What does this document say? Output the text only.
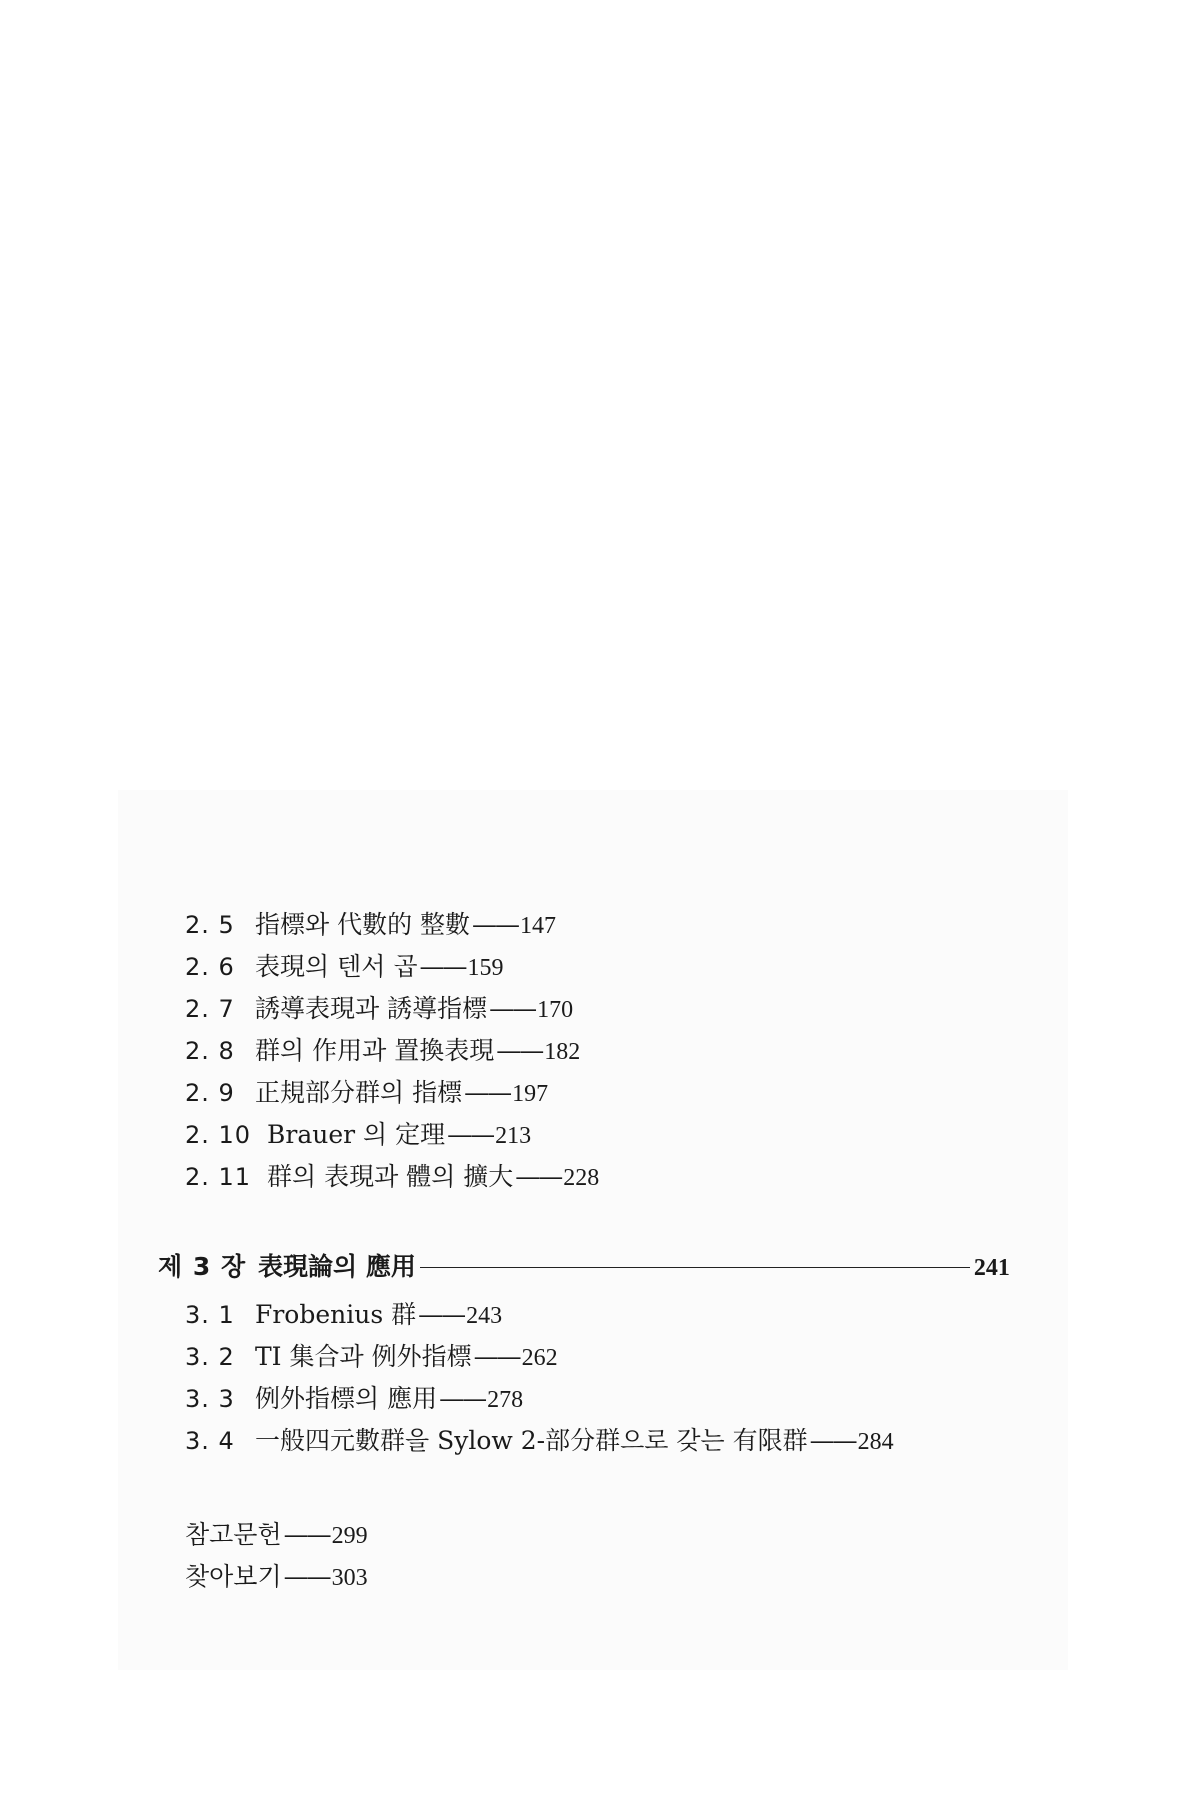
2. 5 指標와 代數的 整數 —— 147
2. 6 表現의 텐서 곱 —— 159
2. 7 誘導表現과 誘導指標 —— 170
2. 8 群의 作用과 置換表現 —— 182
2. 9 正規部分群의 指標 —— 197
2. 10 Brauer 의 定理 —— 213
2. 11 群의 表現과 體의 擴大 —— 228
제 3 장 表現論의 應用	241
3. 1 Frobenius 群 —— 243
3. 2 TI 集合과 例外指標 —— 262
3. 3 例外指標의 應用 —— 278
3. 4 一般四元數群을 Sylow 2-部分群으로 갖는 有限群 —— 284
참고문헌 —— 299
찾아보기 —— 303
